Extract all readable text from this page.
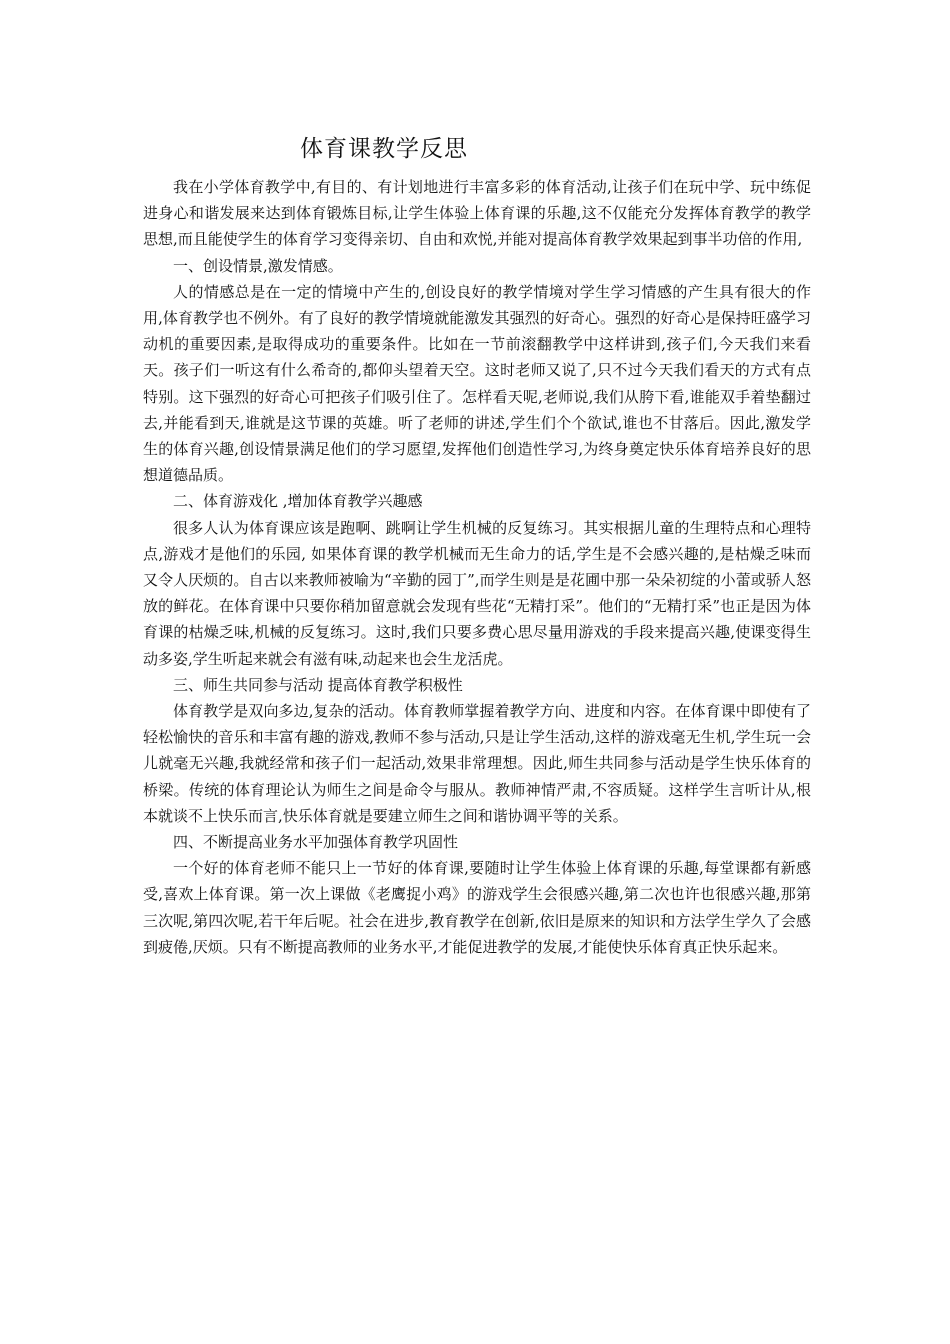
体育课教学反思

我在小学体育教学中,有目的、有计划地进行丰富多彩的体育活动,让孩子们在玩中学、玩中练促进身心和谐发展来达到体育锻炼目标,让学生体验上体育课的乐趣,这不仅能充分发挥体育教学的教学思想,而且能使学生的体育学习变得亲切、自由和欢悦,并能对提高体育教学效果起到事半功倍的作用,

一、创设情景,激发情感。

人的情感总是在一定的情境中产生的,创设良好的教学情境对学生学习情感的产生具有很大的作用,体育教学也不例外。有了良好的教学情境就能激发其强烈的好奇心。强烈的好奇心是保持旺盛学习动机的重要因素,是取得成功的重要条件。比如在一节前滚翻教学中这样讲到,孩子们,今天我们来看天。孩子们一听这有什么希奇的,都仰头望着天空。这时老师又说了,只不过今天我们看天的方式有点特别。这下强烈的好奇心可把孩子们吸引住了。怎样看天呢,老师说,我们从胯下看,谁能双手着垫翻过去,并能看到天,谁就是这节课的英雄。听了老师的讲述,学生们个个欲试,谁也不甘落后。因此,激发学生的体育兴趣,创设情景满足他们的学习愿望,发挥他们创造性学习,为终身奠定快乐体育培养良好的思想道德品质。

二、体育游戏化 ,增加体育教学兴趣感

很多人认为体育课应该是跑啊、跳啊让学生机械的反复练习。其实根据儿童的生理特点和心理特点,游戏才是他们的乐园, 如果体育课的教学机械而无生命力的话,学生是不会感兴趣的,是枯燥乏味而又令人厌烦的。自古以来教师被喻为“辛勤的园丁”,而学生则是是花圃中那一朵朵初绽的小蕾或骄人怒放的鲜花。在体育课中只要你稍加留意就会发现有些花“无精打采”。他们的“无精打采”也正是因为体育课的枯燥乏味,机械的反复练习。这时,我们只要多费心思尽量用游戏的手段来提高兴趣,使课变得生动多姿,学生听起来就会有滋有味,动起来也会生龙活虎。

三、师生共同参与活动 提高体育教学积极性

体育教学是双向多边,复杂的活动。体育教师掌握着教学方向、进度和内容。在体育课中即使有了轻松愉快的音乐和丰富有趣的游戏,教师不参与活动,只是让学生活动,这样的游戏毫无生机,学生玩一会儿就毫无兴趣,我就经常和孩子们一起活动,效果非常理想。因此,师生共同参与活动是学生快乐体育的桥梁。传统的体育理论认为师生之间是命令与服从。教师神情严肃,不容质疑。这样学生言听计从,根本就谈不上快乐而言,快乐体育就是要建立师生之间和谐协调平等的关系。

四、不断提高业务水平加强体育教学巩固性

一个好的体育老师不能只上一节好的体育课,要随时让学生体验上体育课的乐趣,每堂课都有新感受,喜欢上体育课。第一次上课做《老鹰捉小鸡》的游戏学生会很感兴趣,第二次也许也很感兴趣,那第三次呢,第四次呢,若干年后呢。社会在进步,教育教学在创新,依旧是原来的知识和方法学生学久了会感到疲倦,厌烦。只有不断提高教师的业务水平,才能促进教学的发展,才能使快乐体育真正快乐起来。
